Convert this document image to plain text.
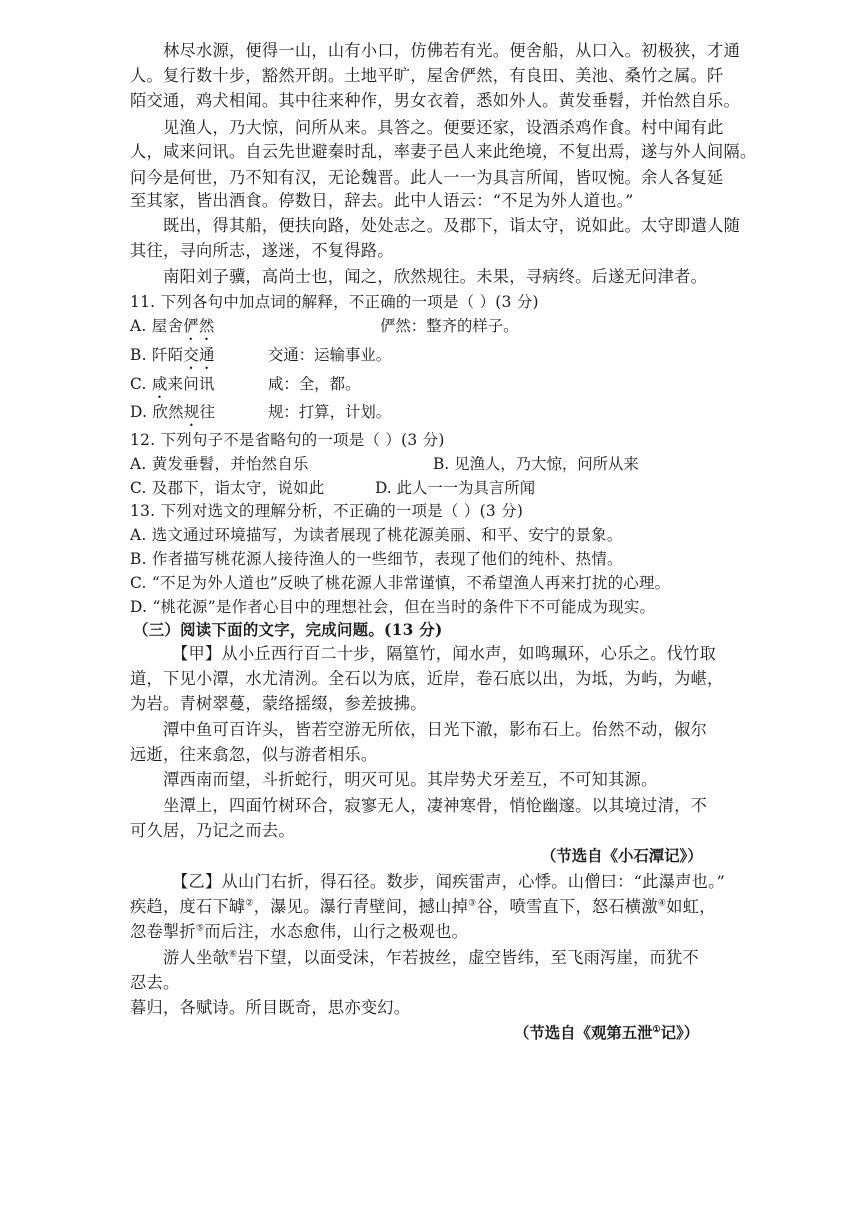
林尽水源，便得一山，山有小口，仿佛若有光。便舍船，从口入。初极狭，才通
人。复行数十步，豁然开朗。土地平旷，屋舍俨然，有良田、美池、桑竹之属。阡
陌交通，鸡犬相闻。其中往来种作，男女衣着，悉如外人。黄发垂髫，并怡然自乐。
见渔人，乃大惊，问所从来。具答之。便要还家，设酒杀鸡作食。村中闻有此
人，咸来问讯。自云先世避秦时乱，率妻子邑人来此绝境，不复出焉，遂与外人间隔。
问今是何世，乃不知有汉，无论魏晋。此人一一为具言所闻，皆叹惋。余人各复延
至其家，皆出酒食。停数日，辞去。此中人语云：“不足为外人道也。”
既出，得其船，便扶向路，处处志之。及郡下，诣太守，说如此。太守即遣人随
其往，寻向所志，遂迷，不复得路。
南阳刘子骥，高尚士也，闻之，欣然规往。未果，寻病终。后遂无问津者。
11. 下列各句中加点词的解释，不正确的一项是（ ）(3 分)
A. 屋舍俨然	俨然：整齐的样子。
B. 阡陌交通	交通：运输事业。
C. 咸来问讯	咸：全，都。
D. 欣然规往	规：打算，计划。
12. 下列句子不是省略句的一项是（ ）(3 分)
A. 黄发垂髫，并怡然自乐	B. 见渔人，乃大惊，问所从来
C. 及郡下，诣太守，说如此	D. 此人一一为具言所闻
13. 下列对选文的理解分析，不正确的一项是（ ）(3 分)
A. 选文通过环境描写，为读者展现了桃花源美丽、和平、安宁的景象。
B. 作者描写桃花源人接待渔人的一些细节，表现了他们的纯朴、热情。
C. “不足为外人道也”反映了桃花源人非常谨慎，不希望渔人再来打扰的心理。
D. “桃花源”是作者心目中的理想社会，但在当时的条件下不可能成为现实。
（三）阅读下面的文字，完成问题。(13 分)
【甲】从小丘西行百二十步，隔篁竹，闻水声，如鸣珮环，心乐之。伐竹取
道，下见小潭，水尤清洌。全石以为底，近岸，卷石底以出，为坻，为屿，为嵁，
为岩。青树翠蔓，蒙络摇缀，参差披拂。
潭中鱼可百许头，皆若空游无所依，日光下澈，影布石上。佁然不动，俶尔
远逝，往来翕忽，似与游者相乐。
潭西南而望，斗折蛇行，明灭可见。其岸势犬牙差互，不可知其源。
坐潭上，四面竹树环合，寂寥无人，凄神寒骨，悄怆幽邃。以其境过清，不
可久居，乃记之而去。
（节选自《小石潭记》）
【乙】从山门右折，得石径。数步，闻疾雷声，心悸。山僧曰：“此瀑声也。”
疾趋，度石下罅②，瀑见。瀑行青壁间，撼山掉③谷，喷雪直下，怒石横激④如虹，
忽卷掣折⑤而后注，水态愈伟，山行之极观也。
游人坐欹⑥岩下望，以面受沫，乍若披丝，虚空皆纬，至飞雨泻崖，而犹不
忍去。
暮归，各赋诗。所目既奇，思亦变幻。
（节选自《观第五泄①记》）
